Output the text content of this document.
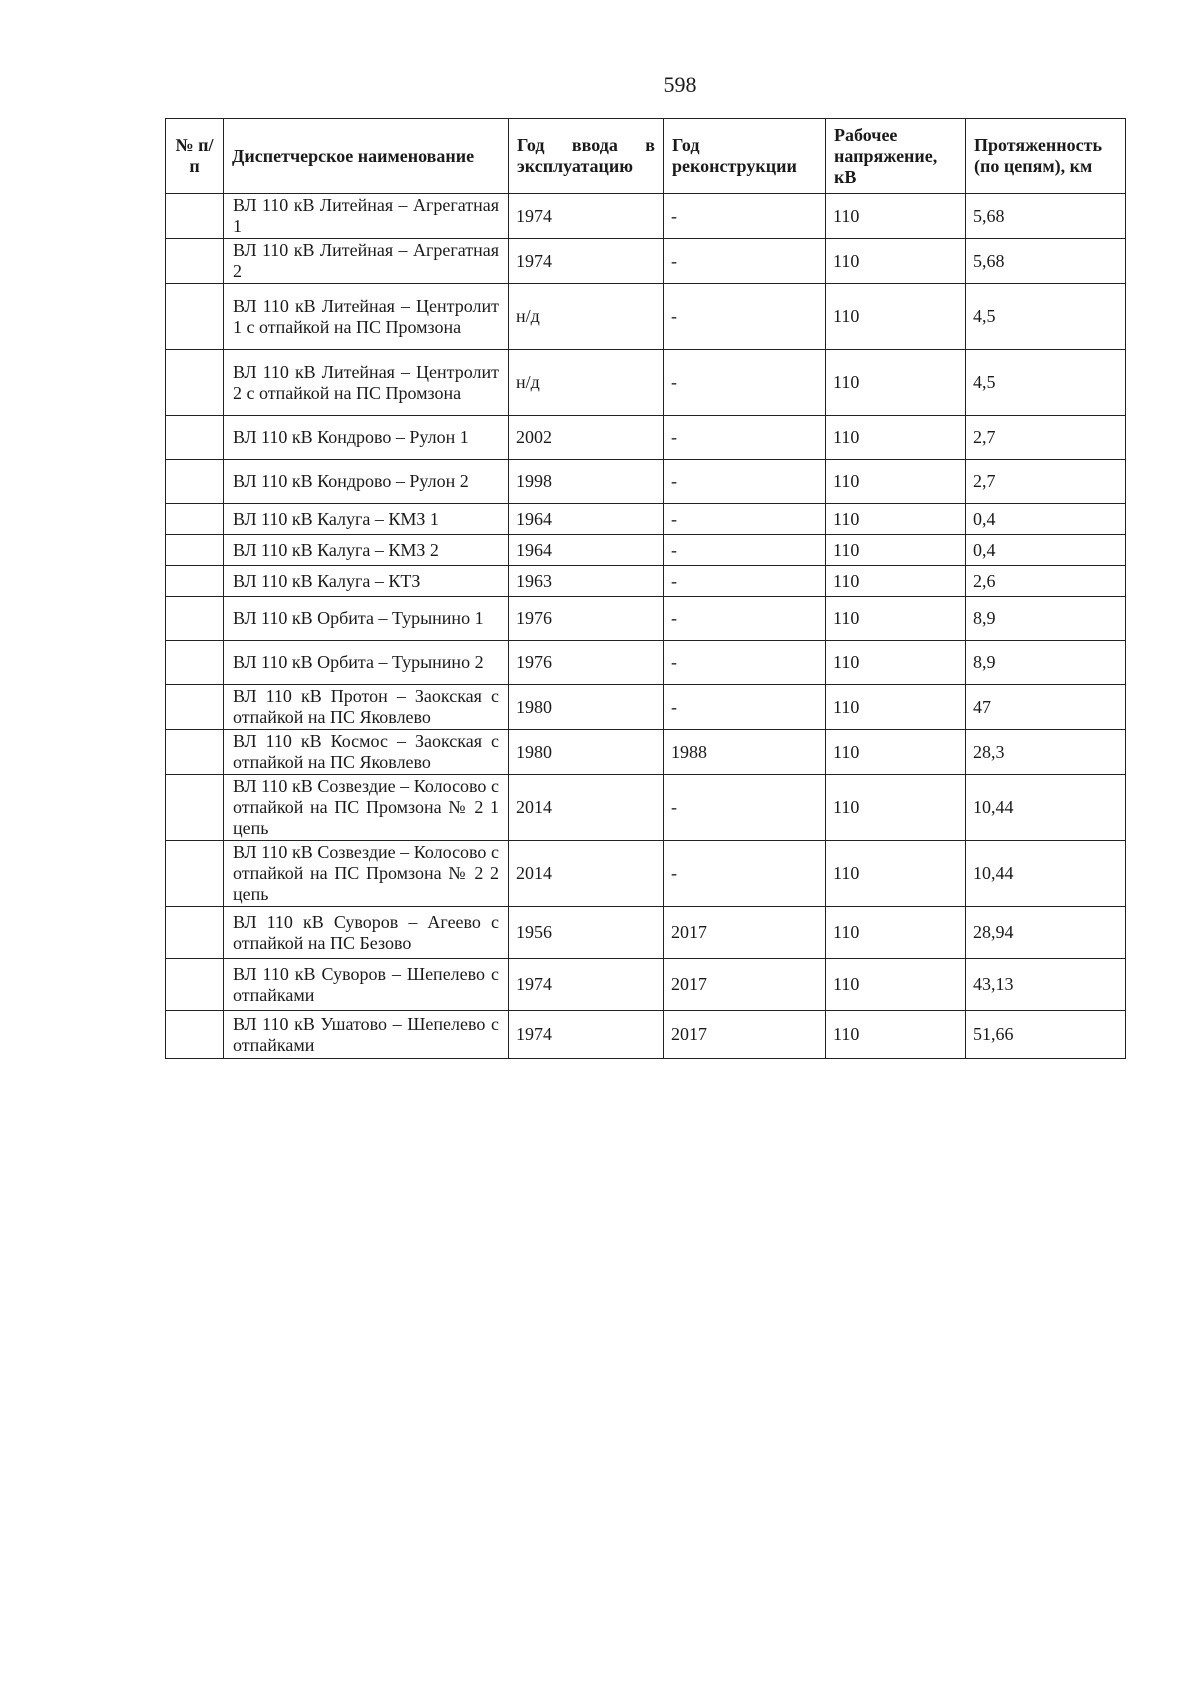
598
№ п/п	Диспетчерское наименование	Год ввода в эксплуатацию	Год реконструкции	Рабочее напряжение, кВ	Протяженность (по цепям), км
	ВЛ 110 кВ Литейная – Агрегатная 1	1974	-	110	5,68
	ВЛ 110 кВ Литейная – Агрегатная 2	1974	-	110	5,68
	ВЛ 110 кВ Литейная – Центролит 1 с отпайкой на ПС Промзона	н/д	-	110	4,5
	ВЛ 110 кВ Литейная – Центролит 2 с отпайкой на ПС Промзона	н/д	-	110	4,5
	ВЛ 110 кВ Кондрово – Рулон 1	2002	-	110	2,7
	ВЛ 110 кВ Кондрово – Рулон 2	1998	-	110	2,7
	ВЛ 110 кВ Калуга – КМЗ 1	1964	-	110	0,4
	ВЛ 110 кВ Калуга – КМЗ 2	1964	-	110	0,4
	ВЛ 110 кВ Калуга – КТЗ	1963	-	110	2,6
	ВЛ 110 кВ Орбита – Турынино 1	1976	-	110	8,9
	ВЛ 110 кВ Орбита – Турынино 2	1976	-	110	8,9
	ВЛ 110 кВ Протон – Заокская с отпайкой на ПС Яковлево	1980	-	110	47
	ВЛ 110 кВ Космос – Заокская с отпайкой на ПС Яковлево	1980	1988	110	28,3
	ВЛ 110 кВ Созвездие – Колосово с отпайкой на ПС Промзона № 2 1 цепь	2014	-	110	10,44
	ВЛ 110 кВ Созвездие – Колосово с отпайкой на ПС Промзона № 2 2 цепь	2014	-	110	10,44
	ВЛ 110 кВ Суворов – Агеево с отпайкой на ПС Безово	1956	2017	110	28,94
	ВЛ 110 кВ Суворов – Шепелево с отпайками	1974	2017	110	43,13
	ВЛ 110 кВ Ушатово – Шепелево с отпайками	1974	2017	110	51,66
